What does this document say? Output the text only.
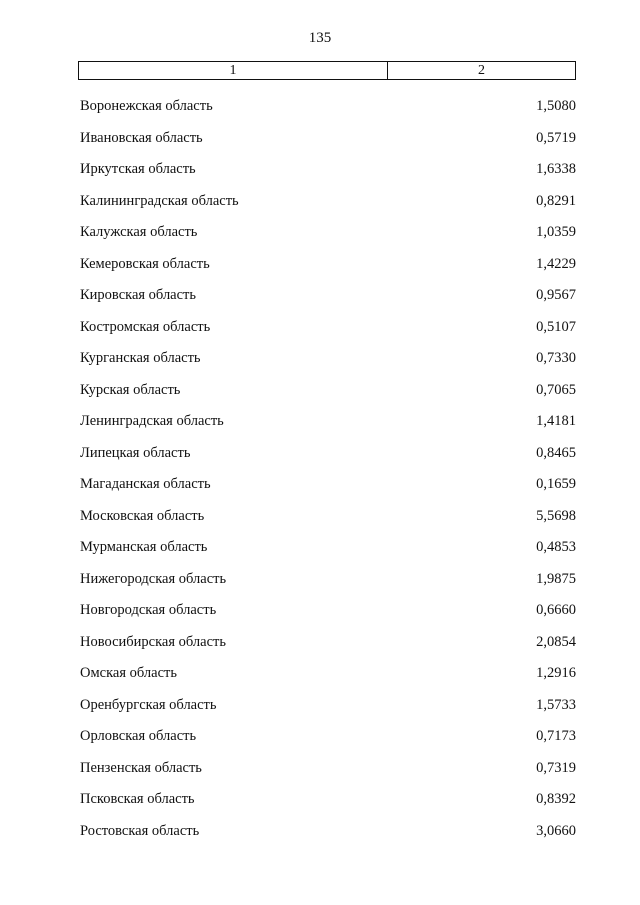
135
1	2
Воронежская область	1,5080
Ивановская область	0,5719
Иркутская область	1,6338
Калининградская область	0,8291
Калужская область	1,0359
Кемеровская область	1,4229
Кировская область	0,9567
Костромская область	0,5107
Курганская область	0,7330
Курская область	0,7065
Ленинградская область	1,4181
Липецкая область	0,8465
Магаданская область	0,1659
Московская область	5,5698
Мурманская область	0,4853
Нижегородская область	1,9875
Новгородская область	0,6660
Новосибирская область	2,0854
Омская область	1,2916
Оренбургская область	1,5733
Орловская область	0,7173
Пензенская область	0,7319
Псковская область	0,8392
Ростовская область	3,0660
